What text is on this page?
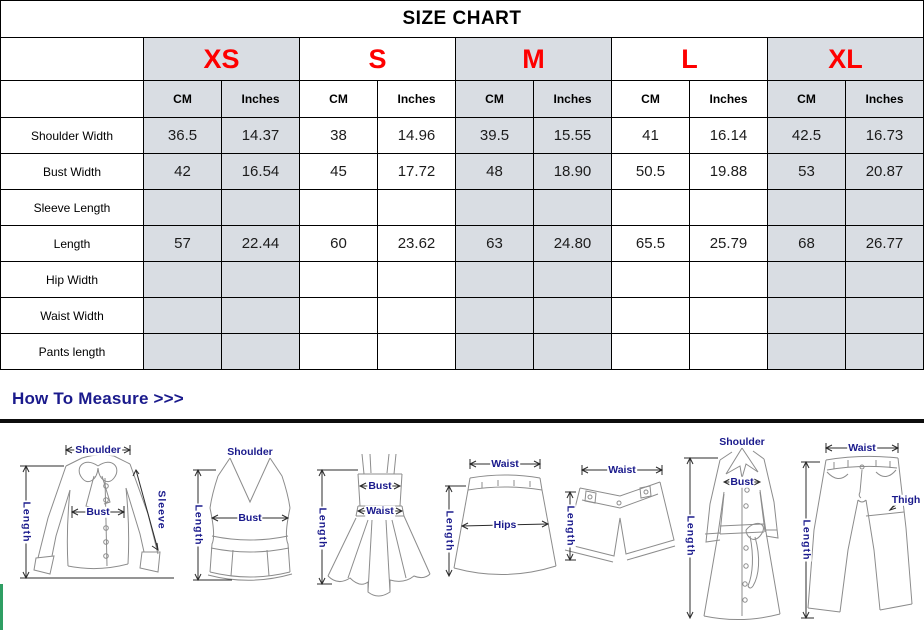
SIZE CHART										
	XS		S		M		L		XL	
	CM	Inches	CM	Inches	CM	Inches	CM	Inches	CM	Inches
Shoulder Width	36.5	14.37	38	14.96	39.5	15.55	41	16.14	42.5	16.73
Bust Width	42	16.54	45	17.72	48	18.90	50.5	19.88	53	20.87
Sleeve Length										
Length	57	22.44	60	23.62	63	24.80	65.5	25.79	68	26.77
Hip Width										
Waist Width										
Pants length										
How To Measure >>>
Shoulder
Length	Bust	Sleeve
Shoulder
Length	Bust	Length
Bust
Waist
Waist
Length	Hips
Waist
Length
Shoulder
Length
Bust
Waist
Length
Thigh
